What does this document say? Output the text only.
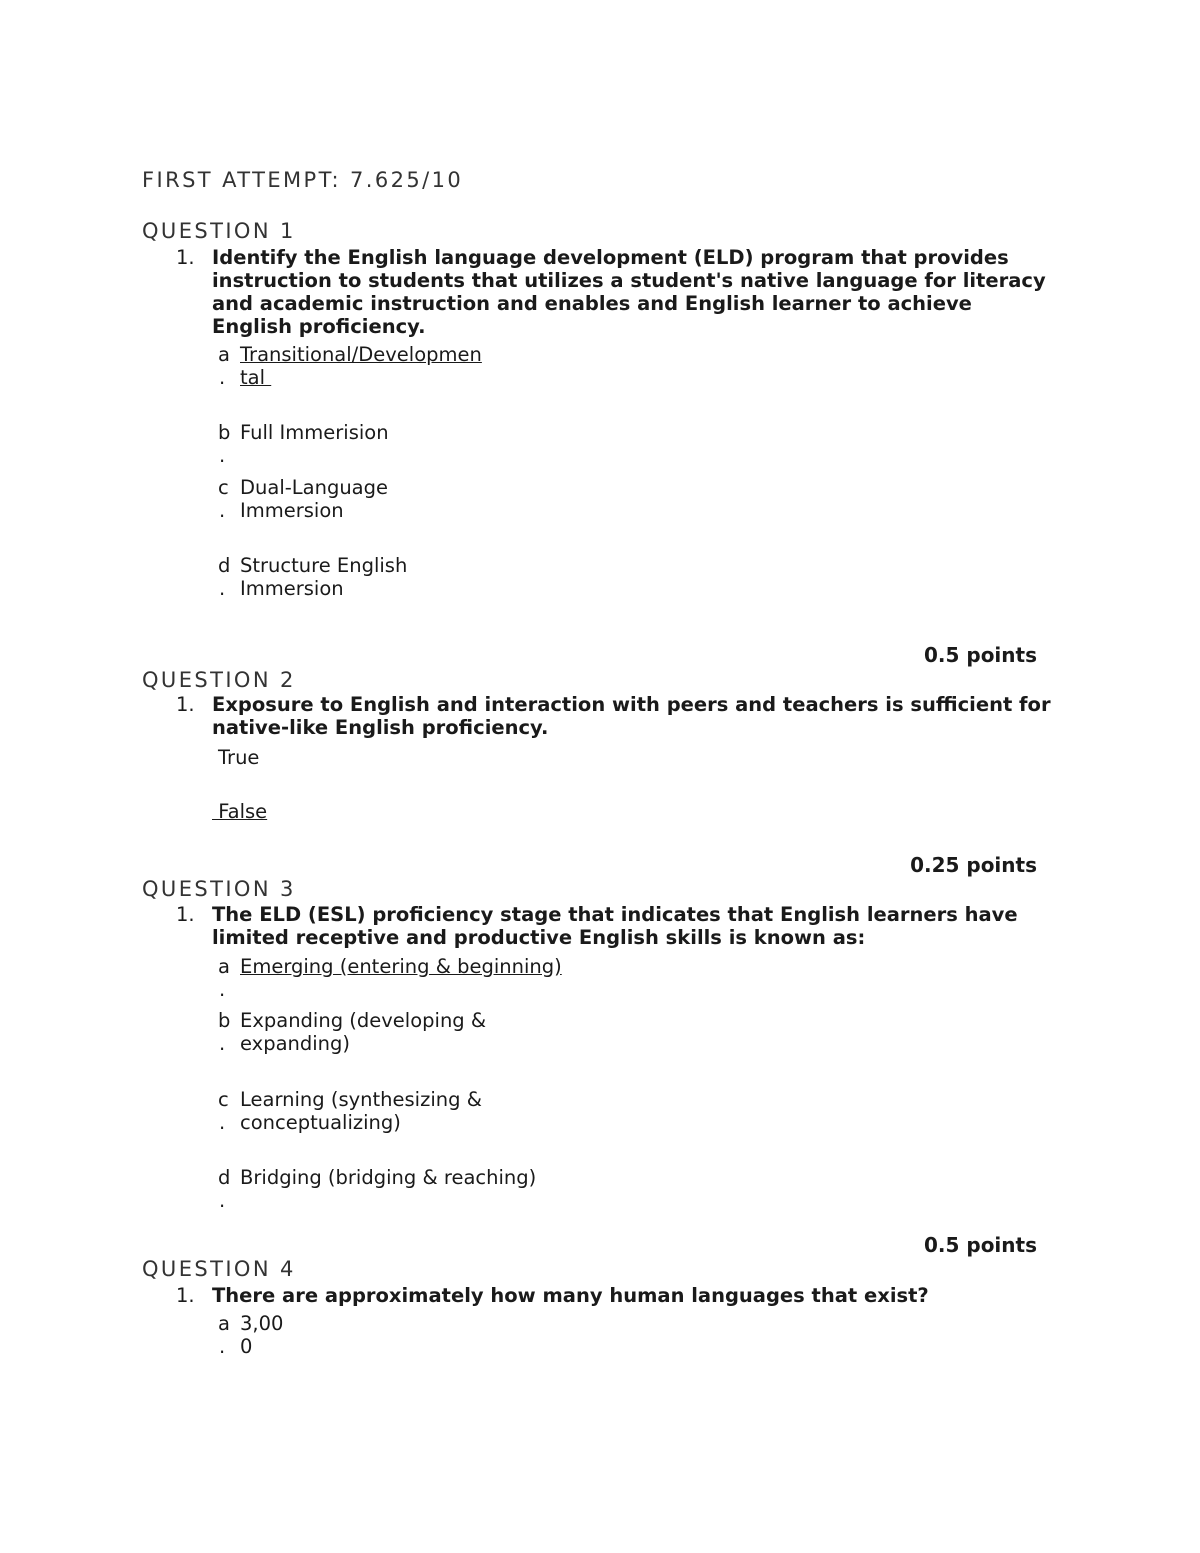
FIRST ATTEMPT: 7.625/10
QUESTION 1
1. Identify the English language development (ELD) program that provides
instruction to students that utilizes a student's native language for literacy
and academic instruction and enables and English learner to achieve
English proficiency.
a
.
Transitional/Developmen
tal
b
.
Full Immerision
c
.
Dual-Language
Immersion
d
.
Structure English
Immersion
0.5 points
QUESTION 2
1. Exposure to English and interaction with peers and teachers is sufficient for
native-like English proficiency.
True
False
0.25 points
QUESTION 3
1. The ELD (ESL) proficiency stage that indicates that English learners have
limited receptive and productive English skills is known as:
a
.
Emerging (entering & beginning)
b
.
Expanding (developing &
expanding)
c
.
Learning (synthesizing &
conceptualizing)
d
.
Bridging (bridging & reaching)
0.5 points
QUESTION 4
1. There are approximately how many human languages that exist?
a
.
3,00
0
